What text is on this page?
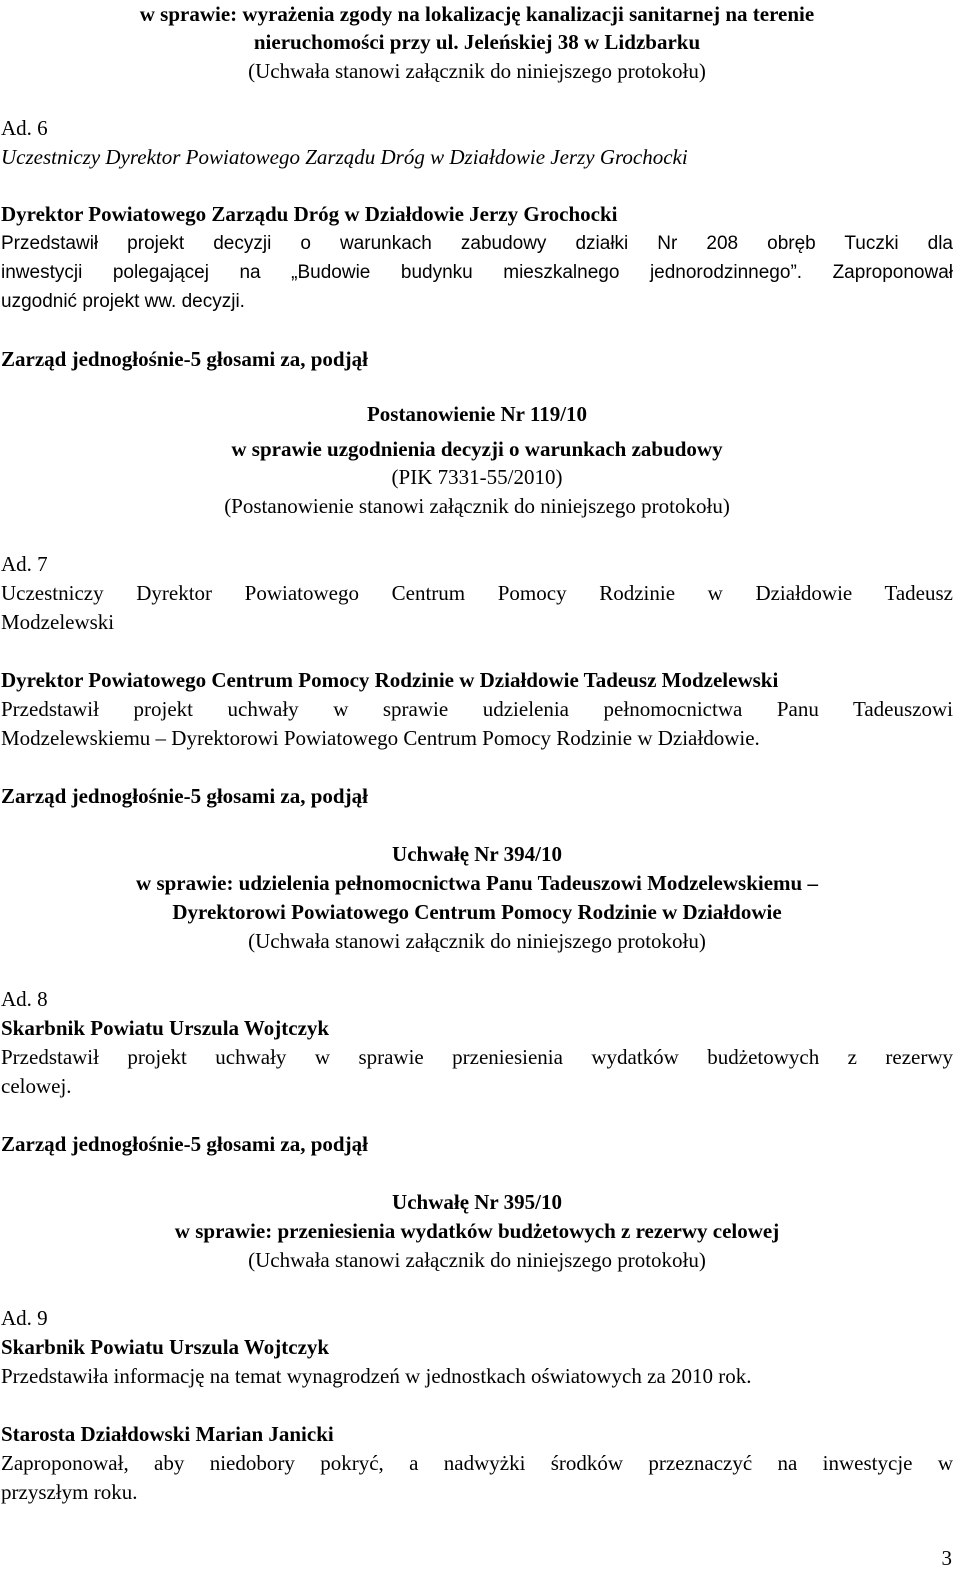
w sprawie: wyrażenia zgody na lokalizację kanalizacji sanitarnej na terenie
nieruchomości przy ul. Jeleńskiej 38 w Lidzbarku
(Uchwała stanowi załącznik do niniejszego protokołu)
Ad. 6
Uczestniczy Dyrektor Powiatowego Zarządu Dróg w Działdowie Jerzy Grochocki
Dyrektor Powiatowego Zarządu Dróg w Działdowie Jerzy Grochocki
Przedstawił projekt decyzji o warunkach zabudowy działki Nr 208 obręb Tuczki dla
inwestycji polegającej na „Budowie budynku mieszkalnego jednorodzinnego”. Zaproponował
uzgodnić projekt ww. decyzji.
Zarząd jednogłośnie-5 głosami za, podjął
Postanowienie Nr 119/10
w sprawie uzgodnienia decyzji o warunkach zabudowy
(PIK 7331-55/2010)
(Postanowienie stanowi załącznik do niniejszego protokołu)
Ad. 7
Uczestniczy Dyrektor Powiatowego Centrum Pomocy Rodzinie w Działdowie Tadeusz
Modzelewski
Dyrektor Powiatowego Centrum Pomocy Rodzinie w Działdowie Tadeusz Modzelewski
Przedstawił projekt uchwały w sprawie udzielenia pełnomocnictwa Panu Tadeuszowi
Modzelewskiemu – Dyrektorowi Powiatowego Centrum Pomocy Rodzinie w Działdowie.
Zarząd jednogłośnie-5 głosami za, podjął
Uchwałę Nr 394/10
w sprawie: udzielenia pełnomocnictwa Panu Tadeuszowi Modzelewskiemu –
Dyrektorowi Powiatowego Centrum Pomocy Rodzinie w Działdowie
(Uchwała stanowi załącznik do niniejszego protokołu)
Ad. 8
Skarbnik Powiatu Urszula Wojtczyk
Przedstawił projekt uchwały w sprawie przeniesienia wydatków budżetowych z rezerwy
celowej.
Zarząd jednogłośnie-5 głosami za, podjął
Uchwałę Nr 395/10
w sprawie: przeniesienia wydatków budżetowych z rezerwy celowej
(Uchwała stanowi załącznik do niniejszego protokołu)
Ad. 9
Skarbnik Powiatu Urszula Wojtczyk
Przedstawiła informację na temat wynagrodzeń w jednostkach oświatowych za 2010 rok.
Starosta Działdowski Marian Janicki
Zaproponował, aby niedobory pokryć, a nadwyżki środków przeznaczyć na inwestycje w
przyszłym roku.
3
